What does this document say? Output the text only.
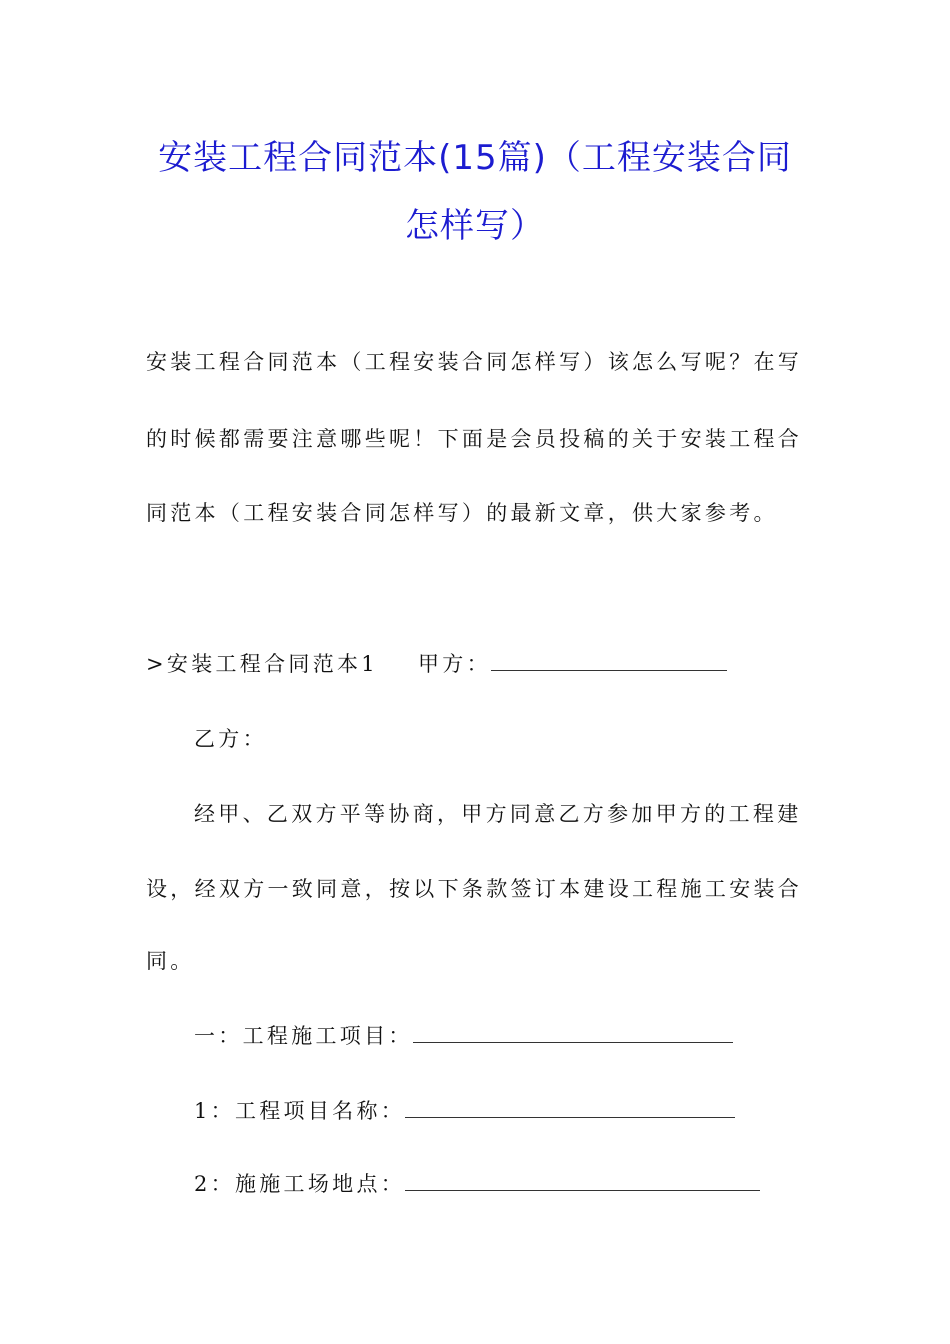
安装工程合同范本(15篇)（工程安装合同
怎样写）
安装工程合同范本（工程安装合同怎样写）该怎么写呢？在写
的时候都需要注意哪些呢！下面是会员投稿的关于安装工程合
同范本（工程安装合同怎样写）的最新文章，供大家参考。
>安装工程合同范本1 甲方：
乙方：
经甲、乙双方平等协商，甲方同意乙方参加甲方的工程建
设，经双方一致同意，按以下条款签订本建设工程施工安装合
同。
一：工程施工项目：
1：工程项目名称：
2：施施工场地点：
